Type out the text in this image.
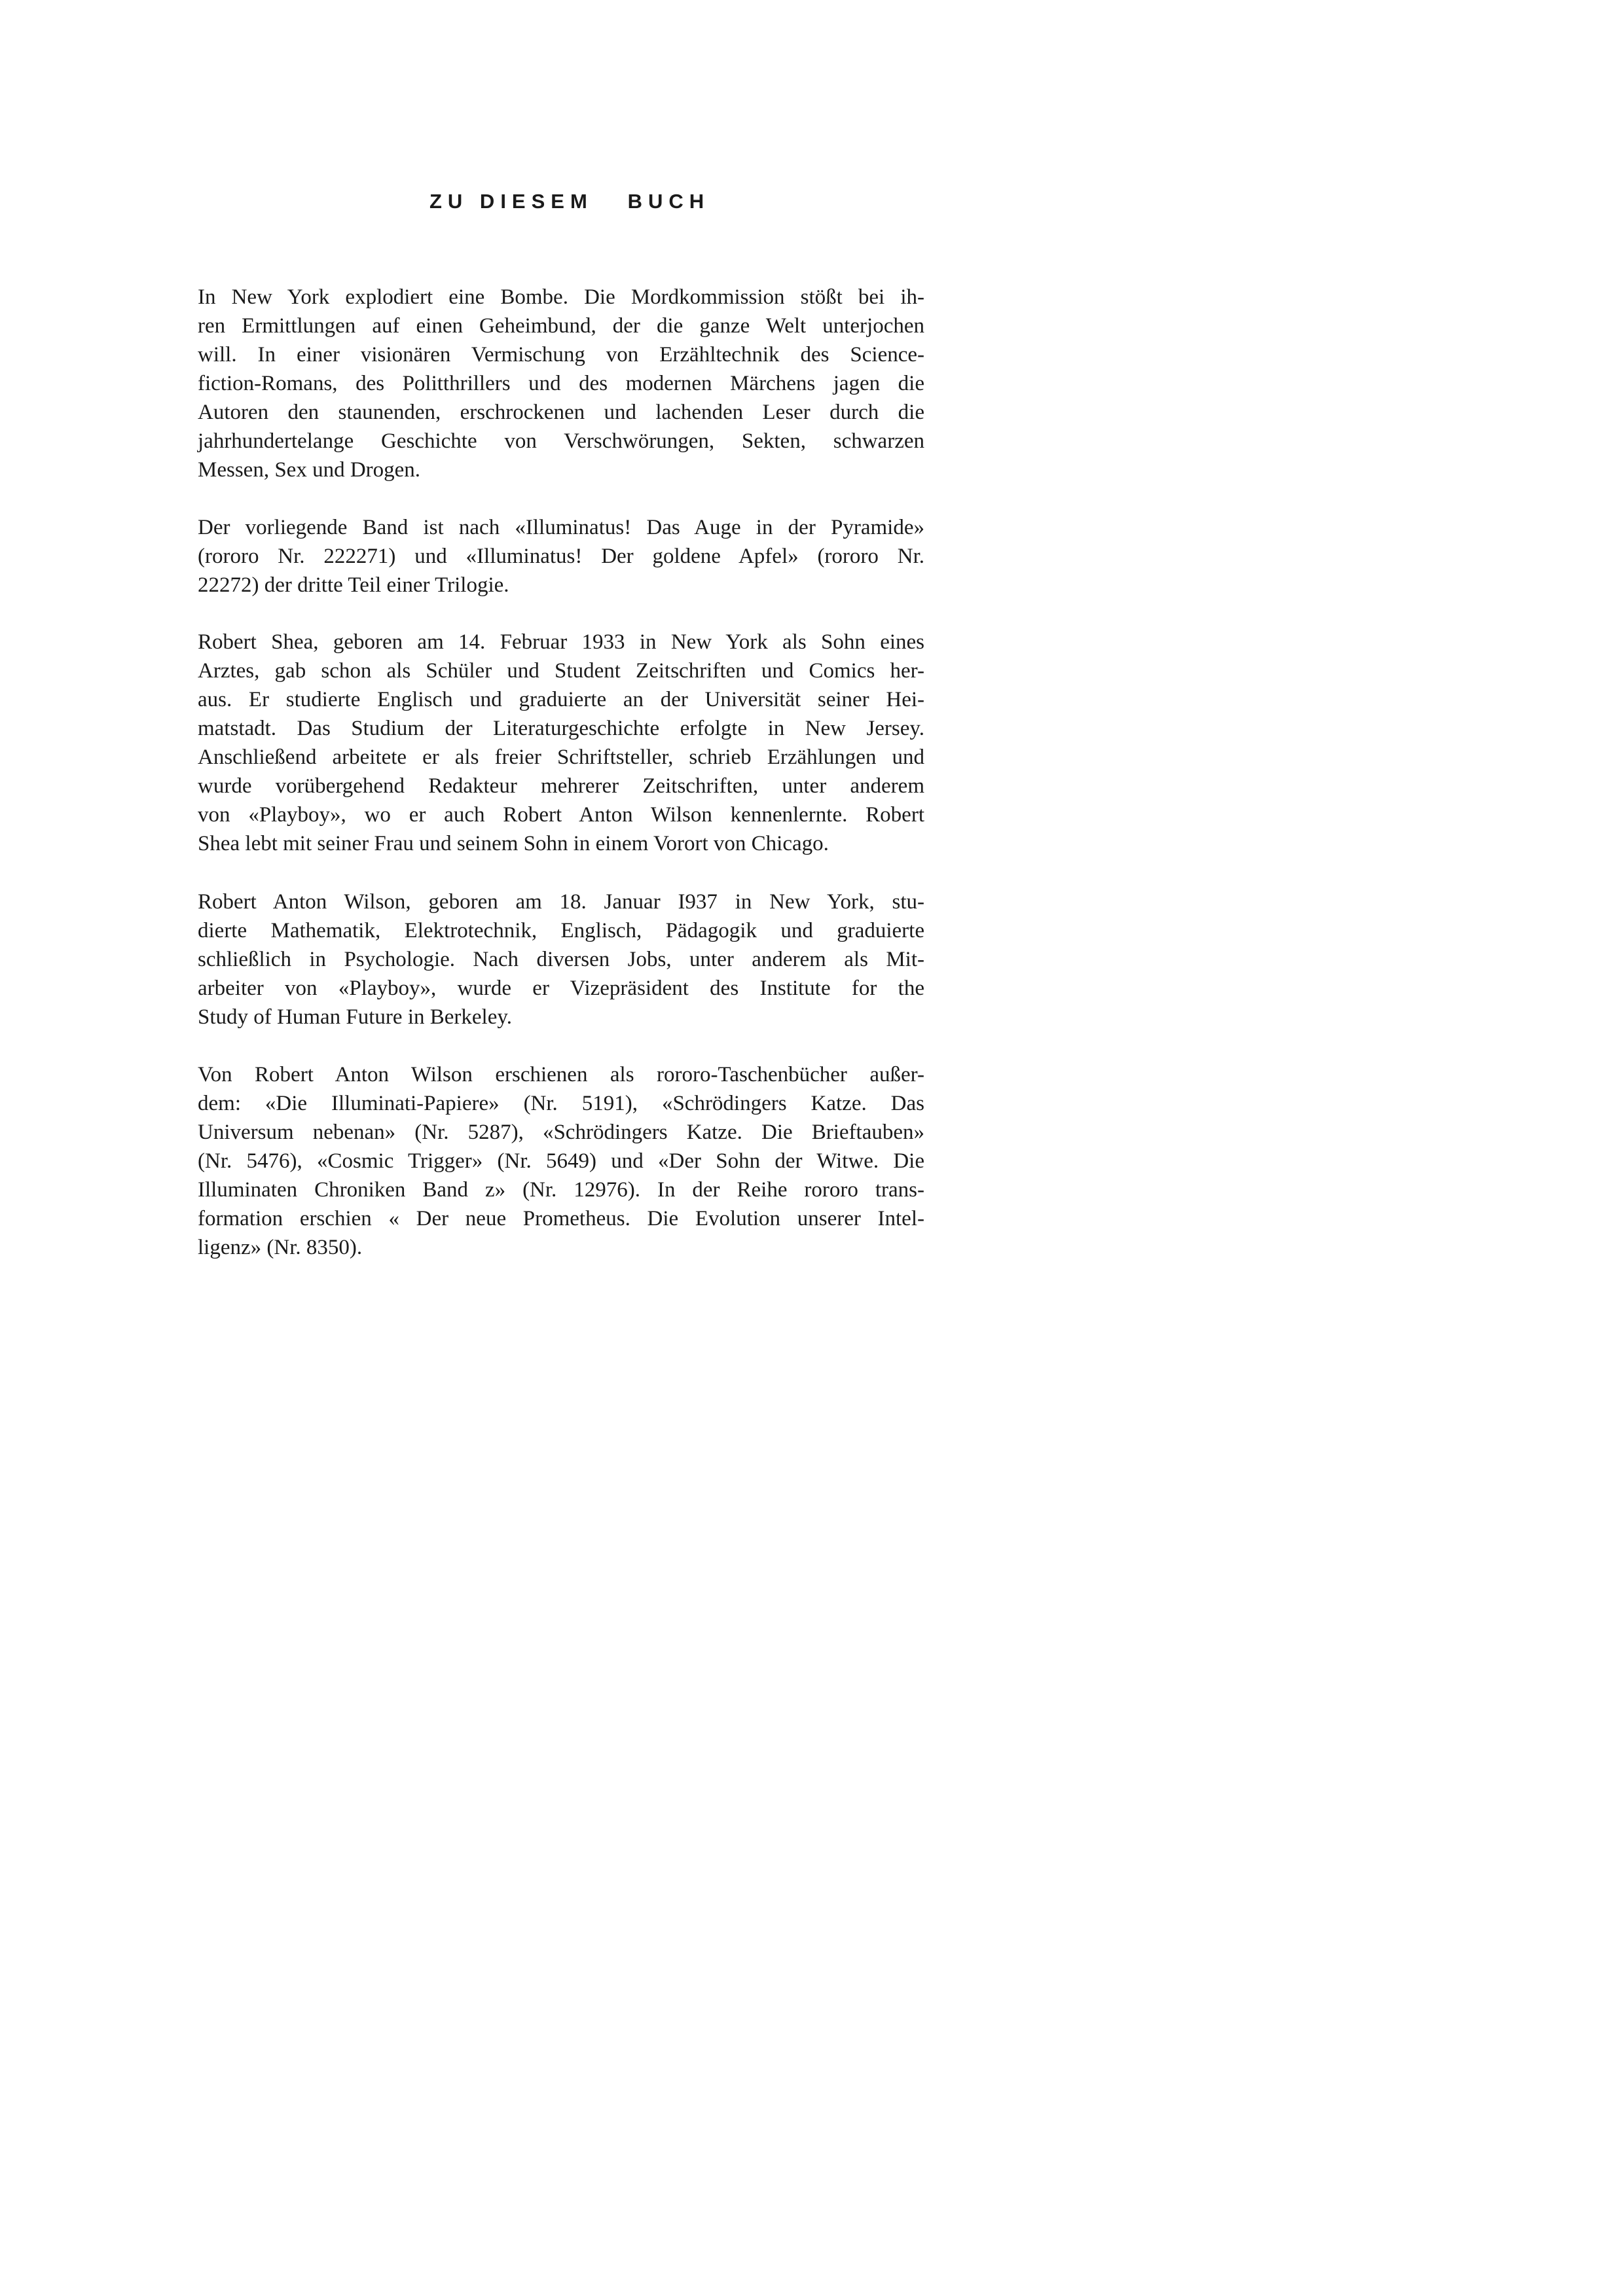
ZU DIESEM   BUCH

In New York explodiert eine Bombe. Die Mordkommission stößt bei ih-
ren Ermittlungen auf einen Geheimbund, der die ganze Welt unterjochen
will. In einer visionären Vermischung von Erzähltechnik des Science-
fiction-Romans, des Politthrillers und des modernen Märchens jagen die
Autoren den staunenden, erschrockenen und lachenden Leser durch die
jahrhundertelange Geschichte von Verschwörungen, Sekten, schwarzen
Messen, Sex und Drogen.

Der vorliegende Band ist nach «Illuminatus! Das Auge in der Pyramide»
(rororo Nr. 222271) und «Illuminatus! Der goldene Apfel» (rororo Nr.
22272) der dritte Teil einer Trilogie.

Robert Shea, geboren am 14. Februar 1933 in New York als Sohn eines
Arztes, gab schon als Schüler und Student Zeitschriften und Comics her-
aus. Er studierte Englisch und graduierte an der Universität seiner Hei-
matstadt. Das Studium der Literaturgeschichte erfolgte in New Jersey.
Anschließend arbeitete er als freier Schriftsteller, schrieb Erzählungen und
wurde vorübergehend Redakteur mehrerer Zeitschriften, unter anderem
von «Playboy», wo er auch Robert Anton Wilson kennenlernte. Robert
Shea lebt mit seiner Frau und seinem Sohn in einem Vorort von Chicago.

Robert Anton Wilson, geboren am 18. Januar I937 in New York, stu-
dierte Mathematik, Elektrotechnik, Englisch, Pädagogik und graduierte
schließlich in Psychologie. Nach diversen Jobs, unter anderem als Mit-
arbeiter von «Playboy», wurde er Vizepräsident des Institute for the
Study of Human Future in Berkeley.

Von Robert Anton Wilson erschienen als rororo-Taschenbücher außer-
dem: «Die Illuminati-Papiere» (Nr. 5191), «Schrödingers Katze. Das
Universum nebenan» (Nr. 5287), «Schrödingers Katze. Die Brieftauben»
(Nr. 5476), «Cosmic Trigger» (Nr. 5649) und «Der Sohn der Witwe. Die
Illuminaten Chroniken Band z» (Nr. 12976). In der Reihe rororo trans-
formation erschien « Der neue Prometheus. Die Evolution unserer Intel-
ligenz» (Nr. 8350).
